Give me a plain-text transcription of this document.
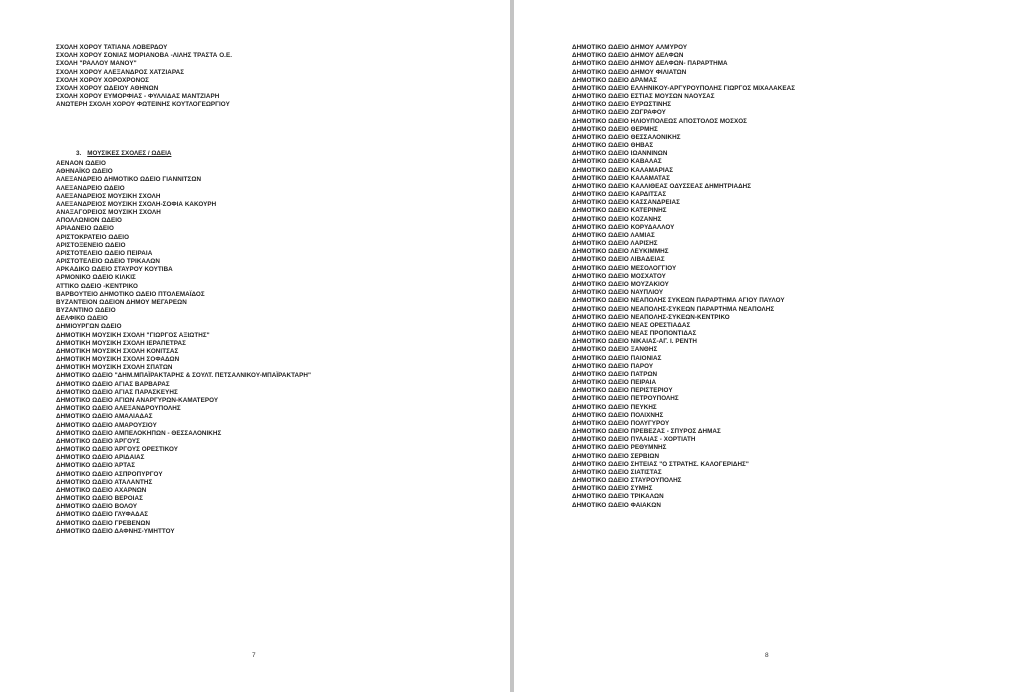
ΣΧΟΛΗ ΧΟΡΟΥ ΤΑΤΙΑΝΑ ΛΟΒΕΡΔΟΥ
ΣΧΟΛΗ ΧΟΡΟΥ ΣΟΝΙΑΣ ΜΟΡΙΑΝΟΒΑ -ΛΙΛΗΣ ΤΡΑΣΤΑ Ο.Ε.
ΣΧΟΛΗ "ΡΑΛΛΟΥ ΜΑΝΟΥ"
ΣΧΟΛΗ ΧΟΡΟΥ ΑΛΕΞΑΝΔΡΟΣ ΧΑΤΖΙΑΡΑΣ
ΣΧΟΛΗ ΧΟΡΟΥ ΧΟΡΟΧΡΟΝΟΣ
ΣΧΟΛΗ ΧΟΡΟΥ ΩΔΕΙΟΥ ΑΘΗΝΩΝ
ΣΧΟΛΗ ΧΟΡΟΥ ΕΥΜΟΡΦΙΑΣ - ΦΥΛΛΙΔΑΣ ΜΑΝΤΖΙΑΡΗ
ΑΝΩΤΕΡΗ ΣΧΟΛΗ ΧΟΡΟΥ ΦΩΤΕΙΝΗΣ ΚΟΥΤΛΟΓΕΩΡΓΙΟΥ
3. ΜΟΥΣΙΚΕΣ ΣΧΟΛΕΣ / ΩΔΕΙΑ
ΑΕΝΑΟΝ ΩΔΕΙΟ
ΑΘΗΝΑΪΚΟ ΩΔΕΙΟ
ΑΛΕΞΑΝΔΡΕΙΟ ΔΗΜΟΤΙΚΟ ΩΔΕΙΟ ΓΙΑΝΝΙΤΣΩΝ
ΑΛΕΞΑΝΔΡΕΙΟ ΩΔΕΙΟ
ΑΛΕΞΑΝΔΡΕΙΟΣ ΜΟΥΣΙΚΗ ΣΧΟΛΗ
ΑΛΕΞΑΝΔΡΕΙΟΣ ΜΟΥΣΙΚΗ ΣΧΟΛΗ-ΣΟΦΙΑ ΚΑΚΟΥΡΗ
ΑΝΑΞΑΓΟΡΕΙΟΣ ΜΟΥΣΙΚΗ ΣΧΟΛΗ
ΑΠΟΛΛΩΝΙΟΝ ΩΔΕΙΟ
ΑΡΙΑΔΝΕΙΟ ΩΔΕΙΟ
ΑΡΙΣΤΟΚΡΑΤΕΙΟ ΩΔΕΙΟ
ΑΡΙΣΤΟΞΕΝΕΙΟ ΩΔΕΙΟ
ΑΡΙΣΤΟΤΕΛΕΙΟ ΩΔΕΙΟ ΠΕΙΡΑΙΑ
ΑΡΙΣΤΟΤΕΛΕΙΟ ΩΔΕΙΟ ΤΡΙΚΑΛΩΝ
ΑΡΚΑΔΙΚΟ ΩΔΕΙΟ ΣΤΑΥΡΟΥ ΚΟΥΤΙΒΑ
ΑΡΜΟΝΙΚΟ ΩΔΕΙΟ ΚΙΛΚΙΣ
ΑΤΤΙΚΟ ΩΔΕΙΟ -ΚΕΝΤΡΙΚΟ
ΒΑΡΒΟΥΤΕΙΟ ΔΗΜΟΤΙΚΟ ΩΔΕΙΟ ΠΤΟΛΕΜΑΪΔΟΣ
ΒΥΖΑΝΤΕΙΟΝ ΩΔΕΙΟΝ ΔΗΜΟΥ ΜΕΓΑΡΕΩΝ
ΒΥΖΑΝΤΙΝΟ ΩΔΕΙΟ
ΔΕΛΦΙΚΟ ΩΔΕΙΟ
ΔΗΜΙΟΥΡΓΩΝ ΩΔΕΙΟ
ΔΗΜΟΤΙΚΗ ΜΟΥΣΙΚΗ ΣΧΟΛΗ "ΓΙΩΡΓΟΣ ΑΞΙΩΤΗΣ"
ΔΗΜΟΤΙΚΗ ΜΟΥΣΙΚΗ ΣΧΟΛΗ ΙΕΡΑΠΕΤΡΑΣ
ΔΗΜΟΤΙΚΗ ΜΟΥΣΙΚΗ ΣΧΟΛΗ ΚΟΝΙΤΣΑΣ
ΔΗΜΟΤΙΚΗ ΜΟΥΣΙΚΗ ΣΧΟΛΗ ΣΟΦΑΔΩΝ
ΔΗΜΟΤΙΚΗ ΜΟΥΣΙΚΗ ΣΧΟΛΗ ΣΠΑΤΩΝ
ΔΗΜΟΤΙΚΟ ΩΔΕΙΟ "ΔΗΜ.ΜΠΑΪΡΑΚΤΑΡΗΣ & ΣΟΥΛΤ. ΠΕΤΣΑΛΝΙΚΟΥ-ΜΠΑΪΡΑΚΤΑΡΗ"
ΔΗΜΟΤΙΚΟ ΩΔΕΙΟ ΑΓΙΑΣ ΒΑΡΒΑΡΑΣ
ΔΗΜΟΤΙΚΟ ΩΔΕΙΟ ΑΓΙΑΣ ΠΑΡΑΣΚΕΥΗΣ
ΔΗΜΟΤΙΚΟ ΩΔΕΙΟ ΑΓΙΩΝ ΑΝΑΡΓΥΡΩΝ-ΚΑΜΑΤΕΡΟΥ
ΔΗΜΟΤΙΚΟ ΩΔΕΙΟ ΑΛΕΞΑΝΔΡΟΥΠΟΛΗΣ
ΔΗΜΟΤΙΚΟ ΩΔΕΙΟ ΑΜΑΛΙΑΔΑΣ
ΔΗΜΟΤΙΚΟ ΩΔΕΙΟ ΑΜΑΡΟΥΣΙΟΥ
ΔΗΜΟΤΙΚΟ ΩΔΕΙΟ ΑΜΠΕΛΟΚΗΠΩΝ - ΘΕΣΣΑΛΟΝΙΚΗΣ
ΔΗΜΟΤΙΚΟ ΩΔΕΙΟ ΆΡΓΟΥΣ
ΔΗΜΟΤΙΚΟ ΩΔΕΙΟ ΆΡΓΟΥΣ ΟΡΕΣΤΙΚΟΥ
ΔΗΜΟΤΙΚΟ ΩΔΕΙΟ ΑΡΙΔΑΙΑΣ
ΔΗΜΟΤΙΚΟ ΩΔΕΙΟ ΆΡΤΑΣ
ΔΗΜΟΤΙΚΟ ΩΔΕΙΟ ΑΣΠΡΟΠΥΡΓΟΥ
ΔΗΜΟΤΙΚΟ ΩΔΕΙΟ ΑΤΑΛΑΝΤΗΣ
ΔΗΜΟΤΙΚΟ ΩΔΕΙΟ ΑΧΑΡΝΩΝ
ΔΗΜΟΤΙΚΟ ΩΔΕΙΟ ΒΕΡΟΙΑΣ
ΔΗΜΟΤΙΚΟ ΩΔΕΙΟ ΒΟΛΟΥ
ΔΗΜΟΤΙΚΟ ΩΔΕΙΟ ΓΛΥΦΑΔΑΣ
ΔΗΜΟΤΙΚΟ ΩΔΕΙΟ ΓΡΕΒΕΝΩΝ
ΔΗΜΟΤΙΚΟ ΩΔΕΙΟ ΔΑΦΝΗΣ-ΥΜΗΤΤΟΥ
7	8
ΔΗΜΟΤΙΚΟ ΩΔΕΙΟ ΔΗΜΟΥ ΑΛΜΥΡΟΥ
ΔΗΜΟΤΙΚΟ ΩΔΕΙΟ ΔΗΜΟΥ ΔΕΛΦΩΝ
ΔΗΜΟΤΙΚΟ ΩΔΕΙΟ ΔΗΜΟΥ ΔΕΛΦΩΝ- ΠΑΡΑΡΤΗΜΑ
ΔΗΜΟΤΙΚΟ ΩΔΕΙΟ ΔΗΜΟΥ ΦΙΛΙΑΤΩΝ
ΔΗΜΟΤΙΚΟ ΩΔΕΙΟ ΔΡΑΜΑΣ
ΔΗΜΟΤΙΚΟ ΩΔΕΙΟ ΕΛΛΗΝΙΚΟΥ-ΑΡΓΥΡΟΥΠΟΛΗΣ ΓΙΩΡΓΟΣ ΜΙΧΑΛΑΚΕΑΣ
ΔΗΜΟΤΙΚΟ ΩΔΕΙΟ ΕΣΤΙΑΣ ΜΟΥΣΩΝ ΝΑΟΥΣΑΣ
ΔΗΜΟΤΙΚΟ ΩΔΕΙΟ ΕΥΡΩΣΤΙΝΗΣ
ΔΗΜΟΤΙΚΟ ΩΔΕΙΟ ΖΩΓΡΑΦΟΥ
ΔΗΜΟΤΙΚΟ ΩΔΕΙΟ ΗΛΙΟΥΠΟΛΕΩΣ ΑΠΟΣΤΟΛΟΣ ΜΟΣΧΟΣ
ΔΗΜΟΤΙΚΟ ΩΔΕΙΟ ΘΕΡΜΗΣ
ΔΗΜΟΤΙΚΟ ΩΔΕΙΟ ΘΕΣΣΑΛΟΝΙΚΗΣ
ΔΗΜΟΤΙΚΟ ΩΔΕΙΟ ΘΗΒΑΣ
ΔΗΜΟΤΙΚΟ ΩΔΕΙΟ ΙΩΑΝΝΙΝΩΝ
ΔΗΜΟΤΙΚΟ ΩΔΕΙΟ ΚΑΒΑΛΑΣ
ΔΗΜΟΤΙΚΟ ΩΔΕΙΟ ΚΑΛΑΜΑΡΙΑΣ
ΔΗΜΟΤΙΚΟ ΩΔΕΙΟ ΚΑΛΑΜΑΤΑΣ
ΔΗΜΟΤΙΚΟ ΩΔΕΙΟ ΚΑΛΛΙΘΕΑΣ ΟΔΥΣΣΕΑΣ ΔΗΜΗΤΡΙΑΔΗΣ
ΔΗΜΟΤΙΚΟ ΩΔΕΙΟ ΚΑΡΔΙΤΣΑΣ
ΔΗΜΟΤΙΚΟ ΩΔΕΙΟ ΚΑΣΣΑΝΔΡΕΙΑΣ
ΔΗΜΟΤΙΚΟ ΩΔΕΙΟ ΚΑΤΕΡΙΝΗΣ
ΔΗΜΟΤΙΚΟ ΩΔΕΙΟ ΚΟΖΑΝΗΣ
ΔΗΜΟΤΙΚΟ ΩΔΕΙΟ ΚΟΡΥΔΑΛΛΟΥ
ΔΗΜΟΤΙΚΟ ΩΔΕΙΟ ΛΑΜΙΑΣ
ΔΗΜΟΤΙΚΟ ΩΔΕΙΟ ΛΑΡΙΣΗΣ
ΔΗΜΟΤΙΚΟ ΩΔΕΙΟ ΛΕΥΚΙΜΜΗΣ
ΔΗΜΟΤΙΚΟ ΩΔΕΙΟ ΛΙΒΑΔΕΙΑΣ
ΔΗΜΟΤΙΚΟ ΩΔΕΙΟ ΜΕΣΟΛΟΓΓΙΟΥ
ΔΗΜΟΤΙΚΟ ΩΔΕΙΟ ΜΟΣΧΑΤΟΥ
ΔΗΜΟΤΙΚΟ ΩΔΕΙΟ ΜΟΥΖΑΚΙΟΥ
ΔΗΜΟΤΙΚΟ ΩΔΕΙΟ ΝΑΥΠΛΙΟΥ
ΔΗΜΟΤΙΚΟ ΩΔΕΙΟ ΝΕΑΠΟΛΗΣ ΣΥΚΕΩΝ ΠΑΡΑΡΤΗΜΑ ΑΓΙΟΥ ΠΑΥΛΟΥ
ΔΗΜΟΤΙΚΟ ΩΔΕΙΟ ΝΕΑΠΟΛΗΣ-ΣΥΚΕΩΝ ΠΑΡΑΡΤΗΜΑ ΝΕΑΠΟΛΗΣ
ΔΗΜΟΤΙΚΟ ΩΔΕΙΟ ΝΕΑΠΟΛΗΣ-ΣΥΚΕΩΝ-ΚΕΝΤΡΙΚΟ
ΔΗΜΟΤΙΚΟ ΩΔΕΙΟ ΝΕΑΣ ΟΡΕΣΤΙΑΔΑΣ
ΔΗΜΟΤΙΚΟ ΩΔΕΙΟ ΝΕΑΣ ΠΡΟΠΟΝΤΙΔΑΣ
ΔΗΜΟΤΙΚΟ ΩΔΕΙΟ ΝΙΚΑΙΑΣ-ΑΓ. Ι. ΡΕΝΤΗ
ΔΗΜΟΤΙΚΟ ΩΔΕΙΟ ΞΑΝΘΗΣ
ΔΗΜΟΤΙΚΟ ΩΔΕΙΟ ΠΑΙΟΝΙΑΣ
ΔΗΜΟΤΙΚΟ ΩΔΕΙΟ ΠΑΡΟΥ
ΔΗΜΟΤΙΚΟ ΩΔΕΙΟ ΠΑΤΡΩΝ
ΔΗΜΟΤΙΚΟ ΩΔΕΙΟ ΠΕΙΡΑΙΑ
ΔΗΜΟΤΙΚΟ ΩΔΕΙΟ ΠΕΡΙΣΤΕΡΙΟΥ
ΔΗΜΟΤΙΚΟ ΩΔΕΙΟ ΠΕΤΡΟΥΠΟΛΗΣ
ΔΗΜΟΤΙΚΟ ΩΔΕΙΟ ΠΕΥΚΗΣ
ΔΗΜΟΤΙΚΟ ΩΔΕΙΟ ΠΟΛΙΧΝΗΣ
ΔΗΜΟΤΙΚΟ ΩΔΕΙΟ ΠΟΛΥΓΥΡΟΥ
ΔΗΜΟΤΙΚΟ ΩΔΕΙΟ ΠΡΕΒΕΖΑΣ - ΣΠΥΡΟΣ ΔΗΜΑΣ
ΔΗΜΟΤΙΚΟ ΩΔΕΙΟ ΠΥΛΑΙΑΣ - ΧΟΡΤΙΑΤΗ
ΔΗΜΟΤΙΚΟ ΩΔΕΙΟ ΡΕΘΥΜΝΗΣ
ΔΗΜΟΤΙΚΟ ΩΔΕΙΟ ΣΕΡΒΙΩΝ
ΔΗΜΟΤΙΚΟ ΩΔΕΙΟ ΣΗΤΕΙΑΣ "Ο ΣΤΡΑΤΗΣ. ΚΑΛΟΓΕΡΙΔΗΣ"
ΔΗΜΟΤΙΚΟ ΩΔΕΙΟ ΣΙΑΤΙΣΤΑΣ
ΔΗΜΟΤΙΚΟ ΩΔΕΙΟ ΣΤΑΥΡΟΥΠΟΛΗΣ
ΔΗΜΟΤΙΚΟ ΩΔΕΙΟ ΣΥΜΗΣ
ΔΗΜΟΤΙΚΟ ΩΔΕΙΟ ΤΡΙΚΑΛΩΝ
ΔΗΜΟΤΙΚΟ ΩΔΕΙΟ ΦΑΙΑΚΩΝ
